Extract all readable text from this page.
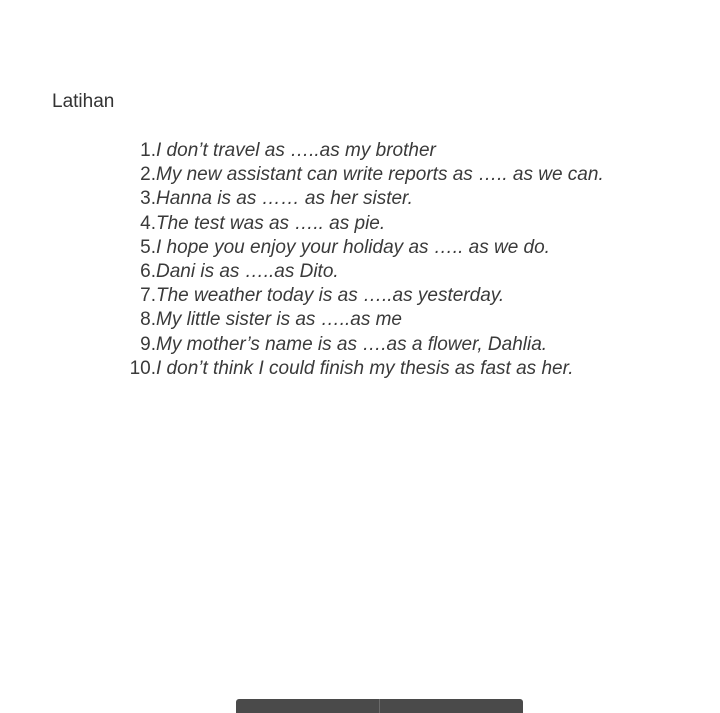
Latihan
1. I don’t travel as …..as my brother
2. My new assistant can write reports as ….. as we can.
3. Hanna is as …… as her sister.
4. The test was as ….. as pie.
5. I hope you enjoy your holiday as ….. as we do.
6. Dani is as …..as Dito.
7. The weather today is as …..as yesterday.
8. My little sister is as …..as me
9. My mother’s name is as ….as a flower, Dahlia.
10. I don’t think I could finish my thesis as fast as her.
